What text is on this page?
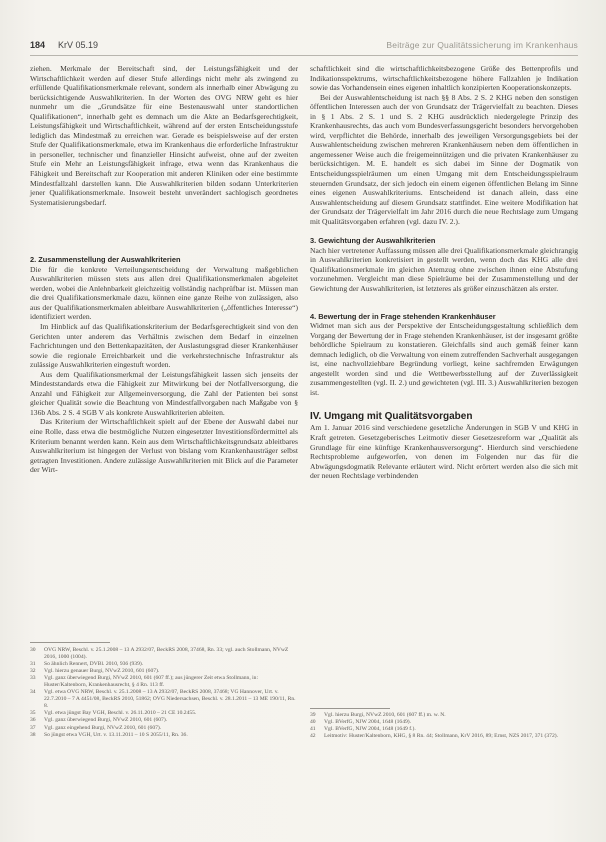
184 KrV 05.19	Beiträge zur Qualitätssicherung im Krankenhaus

ziehen. Merkmale der Bereitschaft sind, der Leistungsfähigkeit und der Wirtschaftlichkeit werden auf dieser Stufe allerdings nicht mehr als zwingend zu erfüllende Qualifikationsmerkmale relevant, sondern als innerhalb einer Abwägung zu berücksichtigende Auswahlkriterien. In der Worten des OVG NRW geht es hier nunmehr um die „Grundsätze für eine Bestenauswahl unter standortlichen Qualifikationen“, innerhalb geht es demnach um die Akte an Bedarfsgerechtigkeit, Leistungsfähigkeit und Wirtschaftlichkeit, während auf der ersten Entscheidungsstufe lediglich das Mindestmaß zu erreichen war. Gerade es beispielsweise auf der ersten Stufe der Qualifikationsmerkmale, etwa im Krankenhaus die erforderliche Infrastruktur in personeller, technischer und finanzieller Hinsicht aufweist, ohne auf der zweiten Stufe ein Mehr an Leistungsfähigkeit infrage, etwa wenn das Krankenhaus die Fähigkeit und Bereitschaft zur Kooperation mit anderen Kliniken oder eine bestimmte Mindestfallzahl darstellen kann. Die Auswahlkriterien bilden sodann Unterkriterien jener Qualifikationsmerkmale. Insoweit besteht unverändert sachlogisch geordnetes Systematisierungsbedarf.

2. Zusammenstellung der Auswahlkriterien

Die für die konkrete Verteilungsentscheidung der Verwaltung maßgeblichen Auswahlkriterien müssen stets aus allen drei Qualifikationsmerkmalen abgeleitet werden, wobei die Anlehnbarkeit gleichzeitig vollständig nachprüfbar ist. Müssen man die drei Qualifikationsmerkmale dazu, können eine ganze Reihe von zulässigen, also aus der Qualifikationsmerkmalen ableitbare Auswahlkriterien („öffentliches Interesse“) identifiziert werden.

Im Hinblick auf das Qualifikationskriterium der Bedarfsgerechtigkeit sind von den Gerichten unter anderem das Verhältnis zwischen dem Bedarf in einzelnen Fachrichtungen und den Bettenkapazitäten, der Auslastungsgrad dieser Krankenhäuser sowie die regionale Erreichbarkeit und die verkehrstechnische Infrastruktur als zulässige Auswahlkriterien eingestuft worden.

Aus dem Qualifikationsmerkmal der Leistungsfähigkeit lassen sich jenseits der Mindeststandards etwa die Fähigkeit zur Mitwirkung bei der Notfallversorgung, die Anzahl und Fähigkeit zur Allgemeinversorgung, die Zahl der Patienten bei sonst gleicher Qualität sowie die Beachtung von Mindestfallvorgaben nach Maßgabe von § 136b Abs. 2 S. 4 SGB V als konkrete Auswahlkriterien ableiten.

Das Kriterium der Wirtschaftlichkeit spielt auf der Ebene der Auswahl dabei nur eine Rolle, dass etwa die bestmögliche Nutzen eingesetzter Investitionsfördermittel als Kriterium benannt werden kann. Kein aus dem Wirtschaftlichkeitsgrundsatz ableitbares Auswahlkriterium ist hingegen der Verlust von bislang vom Krankenhausträger selbst getragten Investitionen. Andere zulässige Auswahlkriterien mit Blick auf die Parameter der Wirt-

schaftlichkeit sind die wirtschaftlichkeitsbezogene Größe des Bettenprofils und Indikationsspektrums, wirtschaftlichkeitsbezogene höhere Fallzahlen je Indikation sowie das Vorhandensein eines eigenen inhaltlich konzipierten Kooperationskonzepts.

Bei der Auswahlentscheidung ist nach §§ 8 Abs. 2 S. 2 KHG neben den sonstigen öffentlichen Interessen auch der von Grundsatz der Trägervielfalt zu beachten. Dieses in § 1 Abs. 2 S. 1 und S. 2 KHG ausdrücklich niedergelegte Prinzip des Krankenhausrechts, das auch vom Bundesverfassungsgericht besonders hervorgehoben wird, verpflichtet die Behörde, innerhalb des jeweiligen Versorgungsgebiets bei der Auswahlentscheidung zwischen mehreren Krankenhäusern neben dem öffentlichen in angemessener Weise auch die freigemeinnützigen und die privaten Krankenhäuser zu berücksichtigen. M. E. handelt es sich dabei im Sinne der Dogmatik von Entscheidungsspielräumen um einen Umgang mit dem Entscheidungsspielraum steuernden Grundsatz, der sich jedoch ein einem eigenen öffentlichen Belang im Sinne eines eigenen Auswahlkriteriums. Entscheidend ist danach allein, dass eine Auswahlentscheidung auf diesem Grundsatz stattfindet. Eine weitere Modifikation hat der Grundsatz der Trägervielfalt im Jahr 2016 durch die neue Rechtslage zum Umgang mit Qualitätsvorgaben erfahren (vgl. dazu IV. 2.).

3. Gewichtung der Auswahlkriterien

Nach hier vertretener Auffassung müssen alle drei Qualifikationsmerkmale gleichrangig in Auswahlkriterien konkretisiert in gestellt werden, wenn doch das KHG alle drei Qualifikationsmerkmale im gleichen Atemzug ohne zwischen ihnen eine Abstufung vorzunehmen. Vergleicht man diese Spielräume bei der Zusammenstellung und der Gewichtung der Auswahlkriterien, ist letzteres als größer einzuschätzen als erster.

4. Bewertung der in Frage stehenden Krankenhäuser

Widmet man sich aus der Perspektive der Entscheidungsgestaltung schließlich dem Vorgang der Bewertung der in Frage stehenden Krankenhäuser, ist der insgesamt größte behördliche Spielraum zu konstatieren. Gleichfalls sind auch gemäß feiner kann demnach lediglich, ob die Verwaltung von einem zutreffenden Sachverhalt ausgegangen ist, eine nachvollziehbare Begründung vorliegt, keine sachfremden Erwägungen angestellt worden sind und die Wettbewerbsstellung auf der Zuverlässigkeit zusammengestellten (vgl. II. 2.) und gewichteten (vgl. III. 3.) Auswahlkriterien bezogen ist.

IV. Umgang mit Qualitätsvorgaben

Am 1. Januar 2016 sind verschiedene gesetzliche Änderungen in SGB V und KHG in Kraft getreten. Gesetzgeberisches Leitmotiv dieser Gesetzesreform war „Qualität als Grundlage für eine künftige Krankenhausversorgung“. Hierdurch sind verschiedene Rechtsprobleme aufgeworfen, von denen im Folgenden nur das für die Abwägungsdogmatik Relevante erläutert wird. Nicht erörtert werden also die sich mit der neuen Rechtslage verbindenden

30 OVG NRW, Beschl. v. 25.1.2008 – 13 A 2932/07, BeckRS 2008, 37468, Rn. 33; vgl. auch Stollmann, NVwZ 2016, 1000 (1004).
31 So ähnlich Rennert, DVBl. 2010, 936 (939).
32 Vgl. hierzu genauer Burgi, NVwZ 2010, 601 (607).
33 Vgl. ganz überwiegend Burgi, NVwZ 2010, 601 (607 ff.); aus jüngerer Zeit etwa Stollmann, in: Huster/Kaltenborn, Krankenhausrecht, § 4 Rn. 113 ff.
34 Vgl. etwa OVG NRW, Beschl. v. 25.1.2008 – 13 A 2932/07, BeckRS 2008, 37468; VG Hannover, Urt. v. 22.7.2010 – 7 A 4451/08, BeckRS 2010, 51862; OVG Niedersachsen, Beschl. v. 28.1.2011 – 13 ME 190/11, Rn. 8.
35 Vgl. etwa jüngst Bay VGH, Beschl. v. 26.11.2010 – 21 CE 10.2455.
36 Vgl. ganz überwiegend Burgi, NVwZ 2010, 601 (607).
37 Vgl. ganz eingehend Burgi, NVwZ 2010, 601 (607).
38 So jüngst etwa VGH, Urt. v. 13.11.2011 – 10 S 2055/11, Rn. 36.
39 Vgl. hierzu Burgi, NVwZ 2010, 601 (607 ff.) m. w. N.
40 Vgl. BVerfG, NJW 2004, 1648 (1649).
41 Vgl. BVerfG, NJW 2004, 1648 (1649 f.).
42 Leitmotiv: Huster/Kaltenborn, KHG, § 8 Rn. 44; Stollmann, KrV 2016, 89; Ernst, NZS 2017, 371 (372).
